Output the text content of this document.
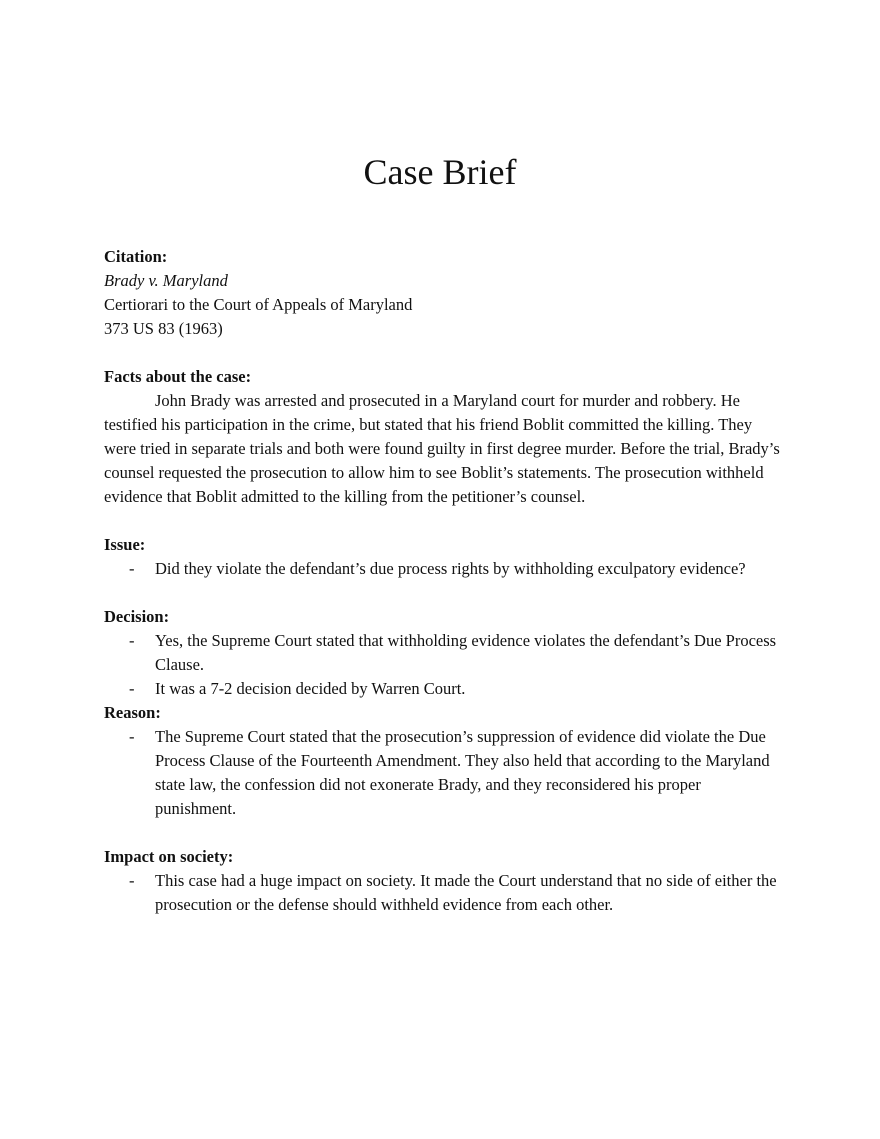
Case Brief

Citation:

Brady v. Maryland

Certiorari to the Court of Appeals of Maryland

373 US 83 (1963)

Facts about the case:

John Brady was arrested and prosecuted in a Maryland court for murder and robbery. He testified his participation in the crime, but stated that his friend Boblit committed the killing. They were tried in separate trials and both were found guilty in first degree murder. Before the trial, Brady’s counsel requested the prosecution to allow him to see Boblit’s statements. The prosecution withheld evidence that Boblit admitted to the killing from the petitioner’s counsel.

Issue:

- Did they violate the defendant’s due process rights by withholding exculpatory evidence?

Decision:

- Yes, the Supreme Court stated that withholding evidence violates the defendant’s Due Process Clause.
- It was a 7-2 decision decided by Warren Court.

Reason:

- The Supreme Court stated that the prosecution’s suppression of evidence did violate the Due Process Clause of the Fourteenth Amendment. They also held that according to the Maryland state law, the confession did not exonerate Brady, and they reconsidered his proper punishment.

Impact on society:

- This case had a huge impact on society. It made the Court understand that no side of either the prosecution or the defense should withheld evidence from each other.
